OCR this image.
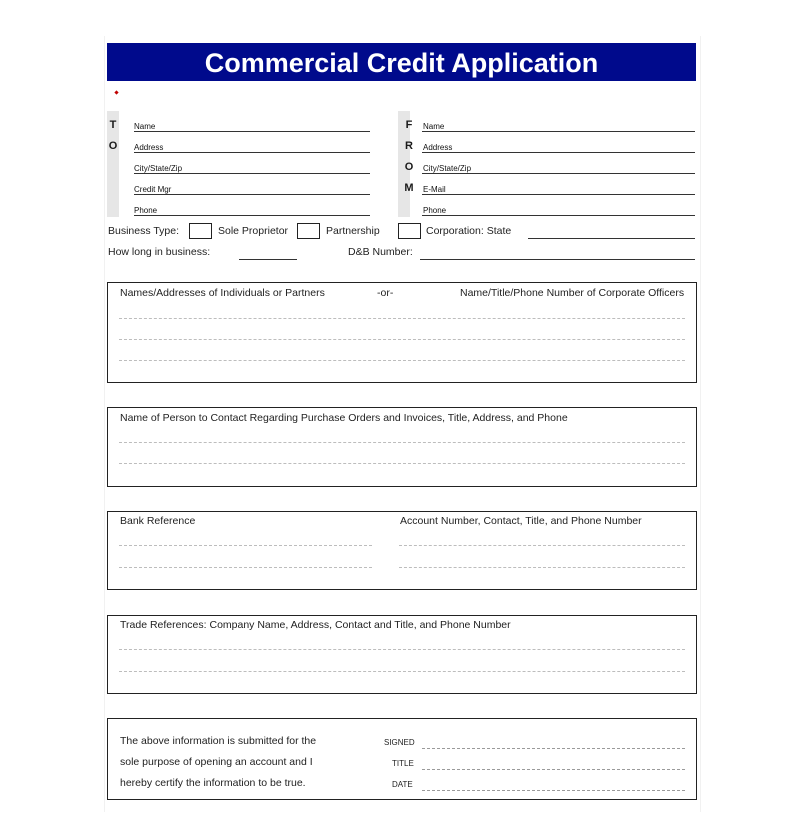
Commercial Credit Application
T
O
Name
Address
City/State/Zip
Credit Mgr
Phone
F
R
O
M
Name
Address
City/State/Zip
E-Mail
Phone
Business Type:	Sole Proprietor	Partnership	Corporation: State
How long in business:	D&B Number:
Names/Addresses of Individuals or Partners	-or-	Name/Title/Phone Number of Corporate Officers
Name of Person to Contact Regarding Purchase Orders and Invoices, Title, Address, and Phone
Bank Reference	Account Number, Contact, Title, and Phone Number
Trade References: Company Name, Address, Contact and Title, and Phone Number
The above information is submitted for the
sole purpose of opening an account and I
hereby certify the information to be true.
SIGNED
TITLE
DATE
